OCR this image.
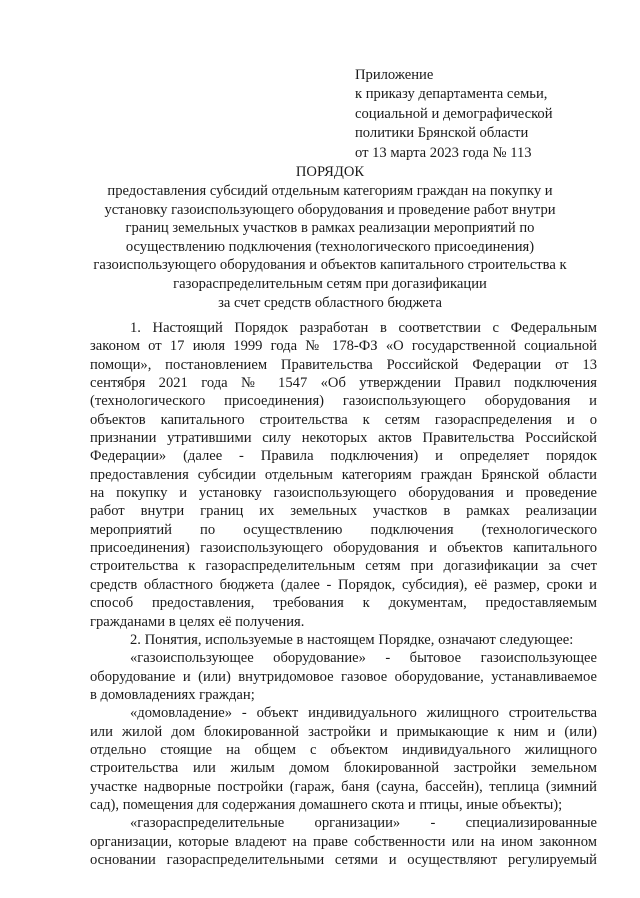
Приложение
к приказу департамента семьи,
социальной и демографической
политики Брянской области
от 13 марта 2023 года № 113
ПОРЯДОК
предоставления субсидий отдельным категориям граждан на покупку и
установку газоиспользующего оборудования и проведение работ внутри
границ земельных участков в рамках реализации мероприятий по
осуществлению подключения (технологического присоединения)
газоиспользующего оборудования и объектов капитального строительства к
газораспределительным сетям при догазификации
за счет средств областного бюджета
1. Настоящий Порядок разработан в соответствии с Федеральным
законом от 17 июля 1999 года № 178-ФЗ «О государственной социальной
помощи», постановлением Правительства Российской Федерации от 13
сентября 2021 года № 1547 «Об утверждении Правил подключения
(технологического присоединения) газоиспользующего оборудования и
объектов капитального строительства к сетям газораспределения и о
признании утратившими силу некоторых актов Правительства Российской
Федерации» (далее - Правила подключения) и определяет порядок
предоставления субсидии отдельным категориям граждан Брянской области
на покупку и установку газоиспользующего оборудования и проведение
работ внутри границ их земельных участков в рамках реализации
мероприятий по осуществлению подключения (технологического
присоединения) газоиспользующего оборудования и объектов капитального
строительства к газораспределительным сетям при догазификации за счет
средств областного бюджета (далее - Порядок, субсидия), её размер, сроки и
способ предоставления, требования к документам, предоставляемым
гражданами в целях её получения.
2. Понятия, используемые в настоящем Порядке, означают следующее:
«газоиспользующее оборудование» - бытовое газоиспользующее
оборудование и (или) внутридомовое газовое оборудование, устанавливаемое
в домовладениях граждан;
«домовладение» - объект индивидуального жилищного строительства
или жилой дом блокированной застройки и примыкающие к ним и (или)
отдельно стоящие на общем с объектом индивидуального жилищного
строительства или жилым домом блокированной застройки земельном
участке надворные постройки (гараж, баня (сауна, бассейн), теплица (зимний
сад), помещения для содержания домашнего скота и птицы, иные объекты);
«газораспределительные организации» - специализированные
организации, которые владеют на праве собственности или на ином законном
основании газораспределительными сетями и осуществляют регулируемый
